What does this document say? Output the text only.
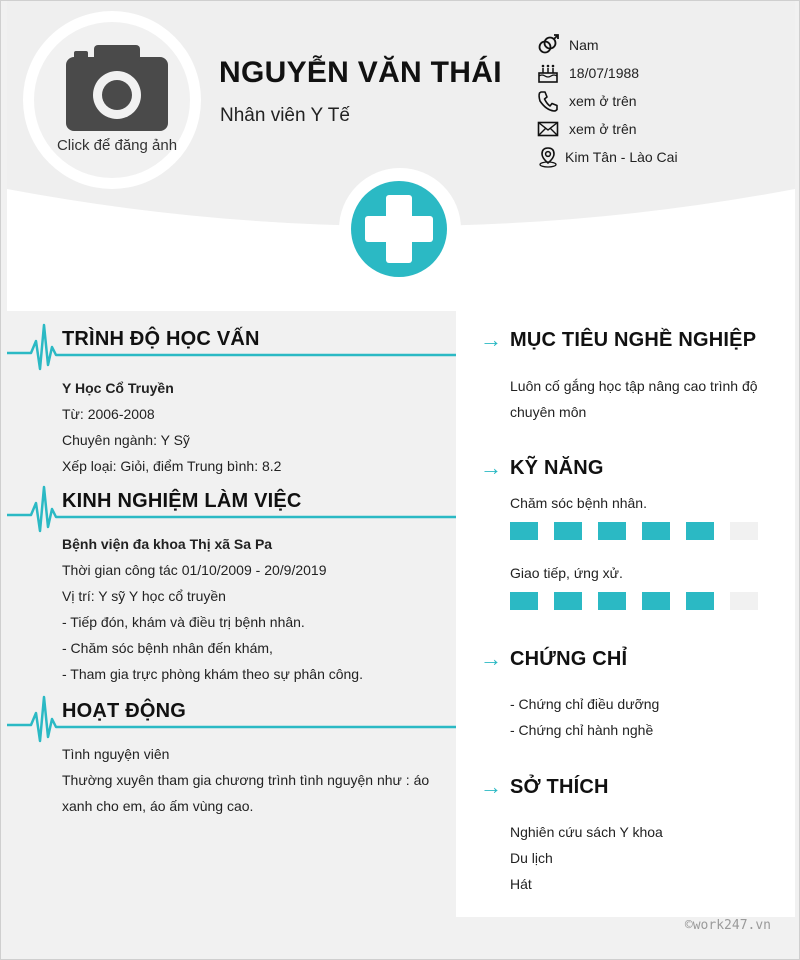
Click để đăng ảnh
NGUYỄN VĂN THÁI
Nhân viên Y Tế
Nam
18/07/1988
xem ở trên
xem ở trên
Kim Tân - Lào Cai
TRÌNH ĐỘ HỌC VẤN
Y Học Cổ Truyền
Từ: 2006-2008
Chuyên ngành: Y Sỹ
Xếp loại: Giỏi, điểm Trung bình: 8.2
KINH NGHIỆM LÀM VIỆC
Bệnh viện đa khoa Thị xã Sa Pa
Thời gian công tác 01/10/2009 - 20/9/2019
Vị trí: Y sỹ Y học cổ truyền
- Tiếp đón, khám và điều trị bệnh nhân.
- Chăm sóc bệnh nhân đến khám,
- Tham gia trực phòng khám theo sự phân công.
HOẠT ĐỘNG
Tình nguyện viên
Thường xuyên tham gia chương trình tình nguyện như : áo
xanh cho em, áo ấm vùng cao.
→ MỤC TIÊU NGHỀ NGHIỆP
Luôn cố gắng học tập nâng cao trình độ
chuyên môn
→ KỸ NĂNG
Chăm sóc bệnh nhân.
Giao tiếp, ứng xử.
→ CHỨNG CHỈ
- Chứng chỉ điều dưỡng
- Chứng chỉ hành nghề
→ SỞ THÍCH
Nghiên cứu sách Y khoa
Du lịch
Hát
©work247.vn
